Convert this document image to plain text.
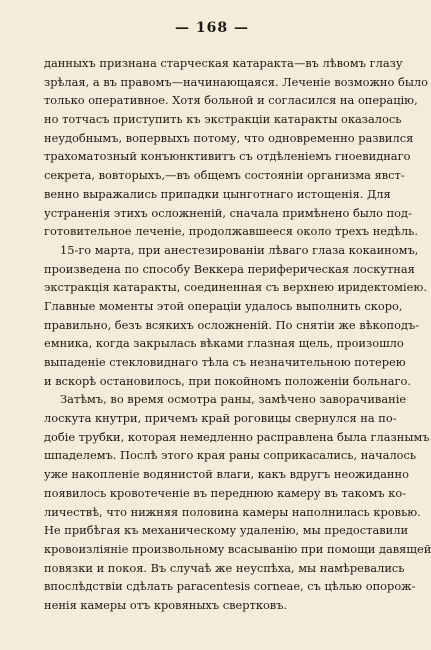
— 168 —
данныхъ признана старческая катаракта—въ лѣвомъ глазу
зрѣлая, а въ правомъ—начинающаяся. Леченіе возможно было
только оперативное. Хотя больной и согласился на операцію,
но тотчасъ приступить къ экстракціи катаракты оказалось
неудобнымъ, вопервыхъ потому, что одновременно развился
трахоматозный конъюнктивитъ съ отдѣленіемъ гноевиднаго
секрета, вовторыхъ,—въ общемъ состояніи организма явст-
венно выражались припадки цынготнаго истощенія. Для
устраненія этихъ осложненій, сначала примѣнено было под-
готовительное леченіе, продолжавшееся около трехъ недѣль.
15-го марта, при анестезированіи лѣваго глаза кокаиномъ,
произведена по способу Веккера периферическая лоскутная
экстракція катаракты, соединенная съ верхнею иридектоміею.
Главные моменты этой операціи удалось выполнить скоро,
правильно, безъ всякихъ осложненій. По снятіи же вѣкоподъ-
емника, когда закрылась вѣками глазная щель, произошло
выпаденіе стекловиднаго тѣла съ незначительною потерею
и вскорѣ остановилось, при покойномъ положеніи больнаго.
Затѣмъ, во время осмотра раны, замѣчено заворачиваніе
лоскута кнутри, причемъ край роговицы свернулся на по-
добіе трубки, которая немедленно расправлена была глазнымъ
шпаделемъ. Послѣ этого края раны соприкасались, началось
уже накопленіе водянистой влаги, какъ вдругъ неожиданно
появилось кровотеченіе въ переднюю камеру въ такомъ ко-
личествѣ, что нижняя половина камеры наполнилась кровью.
Не прибѣгая къ механическому удаленію, мы предоставили
кровоизліяніе произвольному всасыванію при помощи давящей
повязки и покоя. Въ случаѣ же неуспѣха, мы намѣревались
впослѣдствіи сдѣлать paracentesis corneae, съ цѣлью опорож-
ненія камеры отъ кровяныхъ свертковъ.
